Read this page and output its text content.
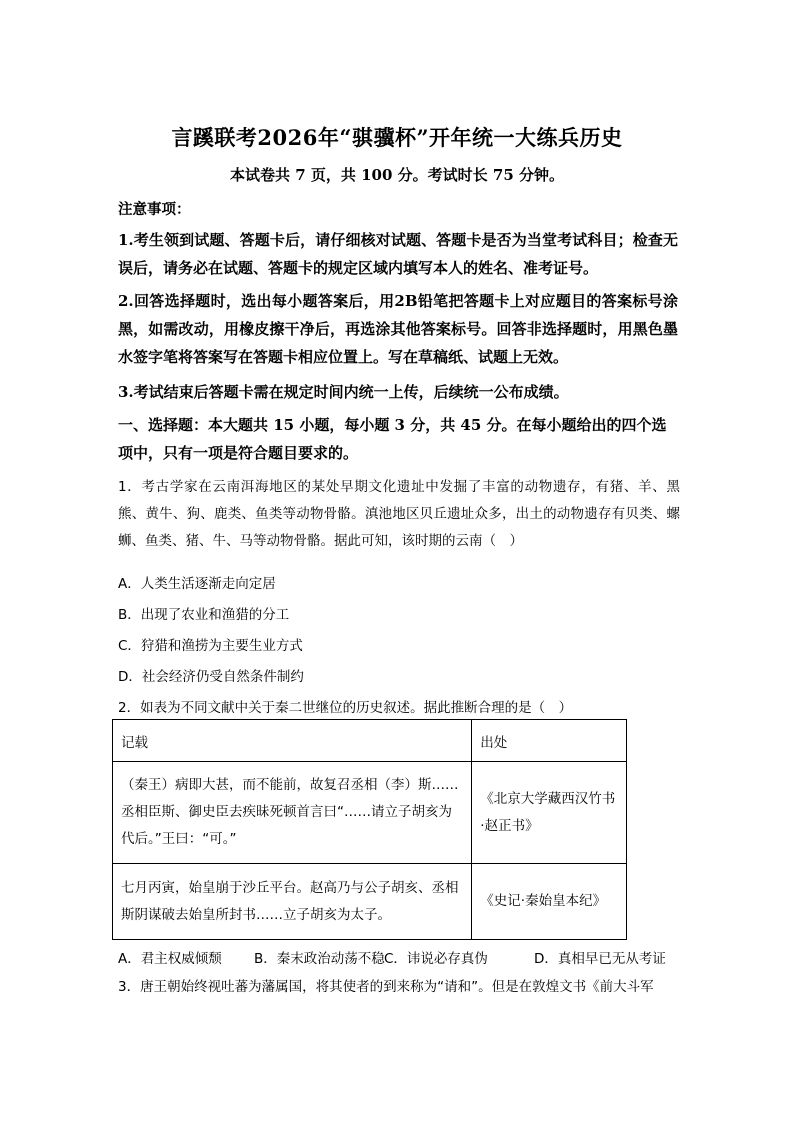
言蹊联考2026年“骐骥杯”开年统一大练兵历史
本试卷共 7 页，共 100 分。考试时长 75 分钟。
注意事项：
1.考生领到试题、答题卡后，请仔细核对试题、答题卡是否为当堂考试科目；检查无误后，请务必在试题、答题卡的规定区域内填写本人的姓名、准考证号。
2.回答选择题时，选出每小题答案后，用2B铅笔把答题卡上对应题目的答案标号涂黑，如需改动，用橡皮擦干净后，再选涂其他答案标号。回答非选择题时，用黑色墨水签字笔将答案写在答题卡相应位置上。写在草稿纸、试题上无效。
3.考试结束后答题卡需在规定时间内统一上传，后续统一公布成绩。
一、选择题：本大题共 15 小题，每小题 3 分，共 45 分。在每小题给出的四个选项中，只有一项是符合题目要求的。
1．考古学家在云南洱海地区的某处早期文化遗址中发掘了丰富的动物遗存，有猪、羊、黑熊、黄牛、狗、鹿类、鱼类等动物骨骼。滇池地区贝丘遗址众多，出土的动物遗存有贝类、螺蛳、鱼类、猪、牛、马等动物骨骼。据此可知，该时期的云南（　）
A．人类生活逐渐走向定居
B．出现了农业和渔猎的分工
C．狩猎和渔捞为主要生业方式
D．社会经济仍受自然条件制约
2．如表为不同文献中关于秦二世继位的历史叙述。据此推断合理的是（　）
记载	出处

（秦王）病即大甚，而不能前，故复召丞相（李）斯……丞相臣斯、御史臣去疾昧死顿首言曰“……请立子胡亥为代后。”王曰：“可。”	《北京大学藏西汉竹书·赵正书》

七月丙寅，始皇崩于沙丘平台。赵高乃与公子胡亥、丞相斯阴谋破去始皇所封书……立子胡亥为太子。	《史记·秦始皇本纪》
A．君主权威倾颓 B．秦末政治动荡不稳 C．讳说必存真伪	D．真相早已无从考证
3．唐王朝始终视吐蕃为藩属国，将其使者的到来称为“请和”。但是在敦煌文书《前大斗军
